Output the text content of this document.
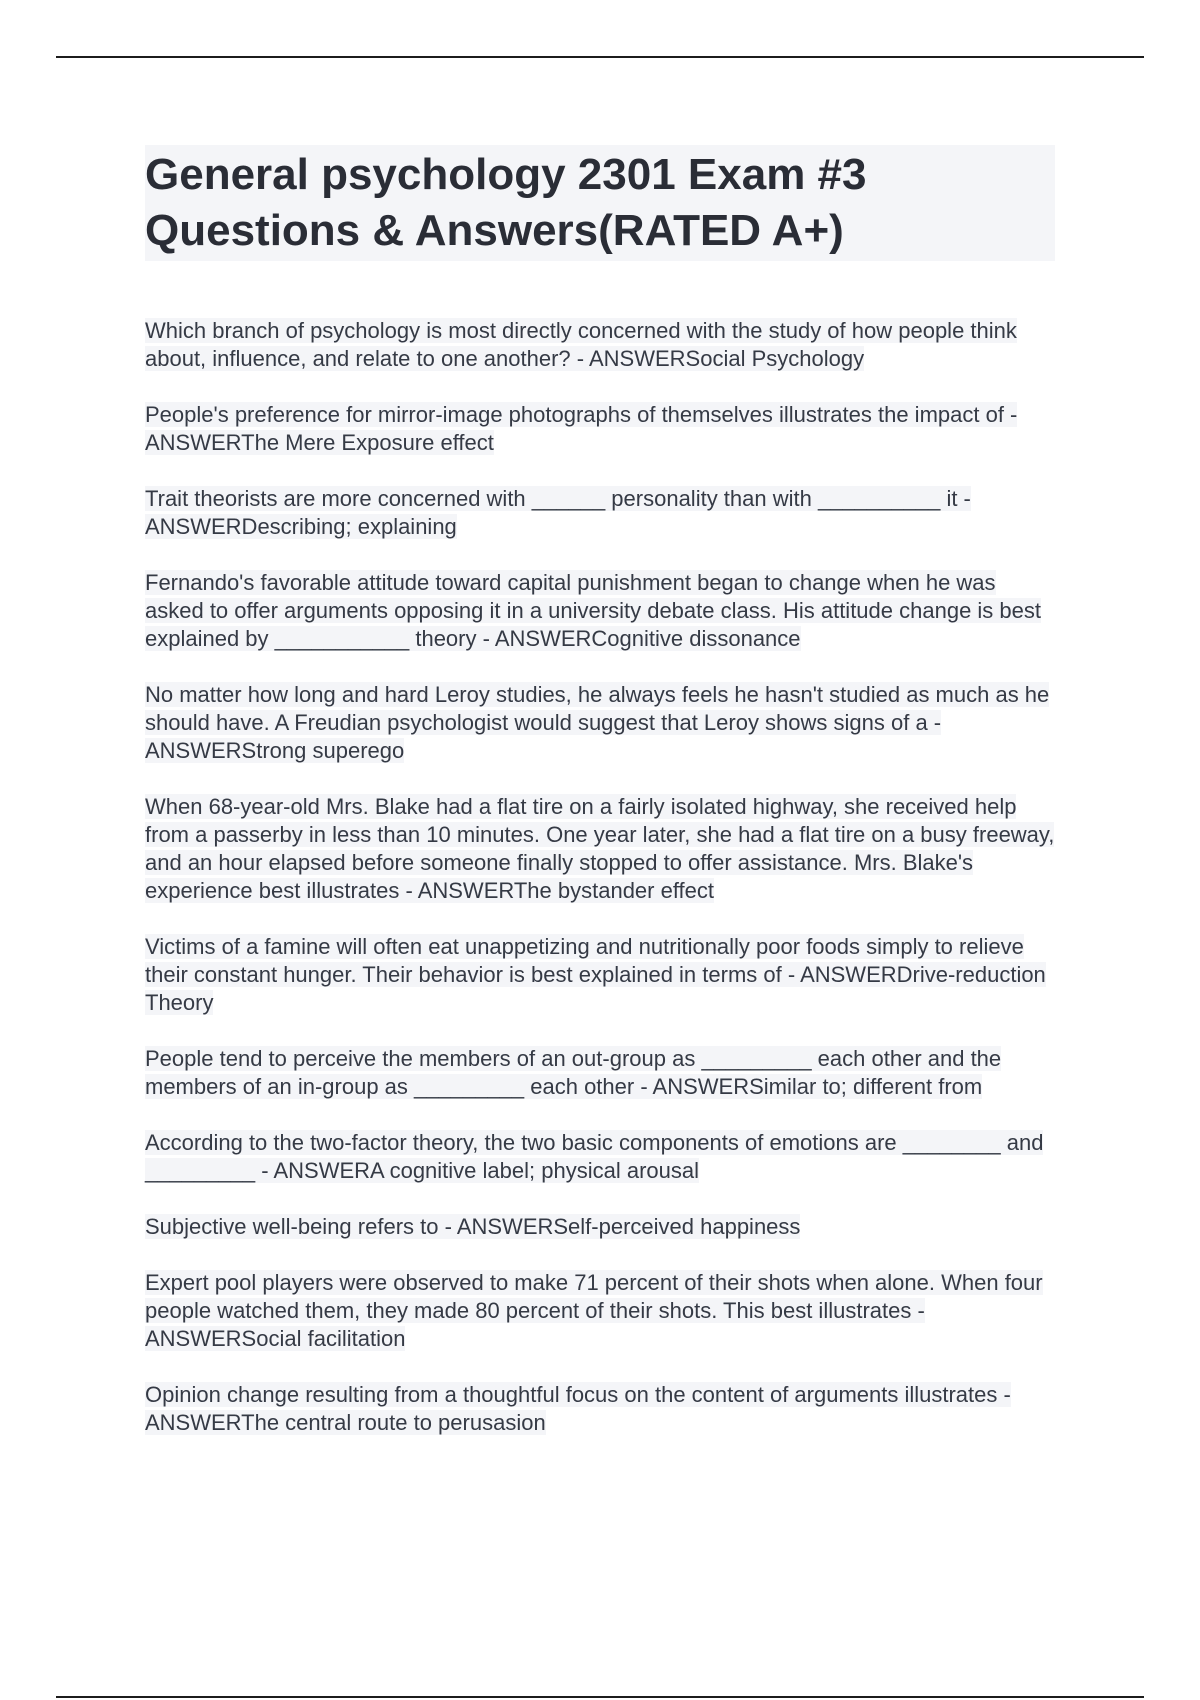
General psychology 2301 Exam #3 Questions & Answers(RATED A+)

Which branch of psychology is most directly concerned with the study of how people think about, influence, and relate to one another? - ANSWERSocial Psychology

People's preference for mirror-image photographs of themselves illustrates the impact of - ANSWERThe Mere Exposure effect

Trait theorists are more concerned with ______ personality than with __________ it - ANSWERDescribing; explaining

Fernando's favorable attitude toward capital punishment began to change when he was asked to offer arguments opposing it in a university debate class. His attitude change is best explained by ___________ theory - ANSWERCognitive dissonance

No matter how long and hard Leroy studies, he always feels he hasn't studied as much as he should have. A Freudian psychologist would suggest that Leroy shows signs of a - ANSWERStrong superego

When 68-year-old Mrs. Blake had a flat tire on a fairly isolated highway, she received help from a passerby in less than 10 minutes. One year later, she had a flat tire on a busy freeway, and an hour elapsed before someone finally stopped to offer assistance. Mrs. Blake's experience best illustrates - ANSWERThe bystander effect

Victims of a famine will often eat unappetizing and nutritionally poor foods simply to relieve their constant hunger. Their behavior is best explained in terms of - ANSWERDrive-reduction Theory

People tend to perceive the members of an out-group as _________ each other and the members of an in-group as _________ each other - ANSWERSimilar to; different from

According to the two-factor theory, the two basic components of emotions are ________ and _________ - ANSWERA cognitive label; physical arousal

Subjective well-being refers to - ANSWERSelf-perceived happiness

Expert pool players were observed to make 71 percent of their shots when alone. When four people watched them, they made 80 percent of their shots. This best illustrates - ANSWERSocial facilitation

Opinion change resulting from a thoughtful focus on the content of arguments illustrates - ANSWERThe central route to perusasion
